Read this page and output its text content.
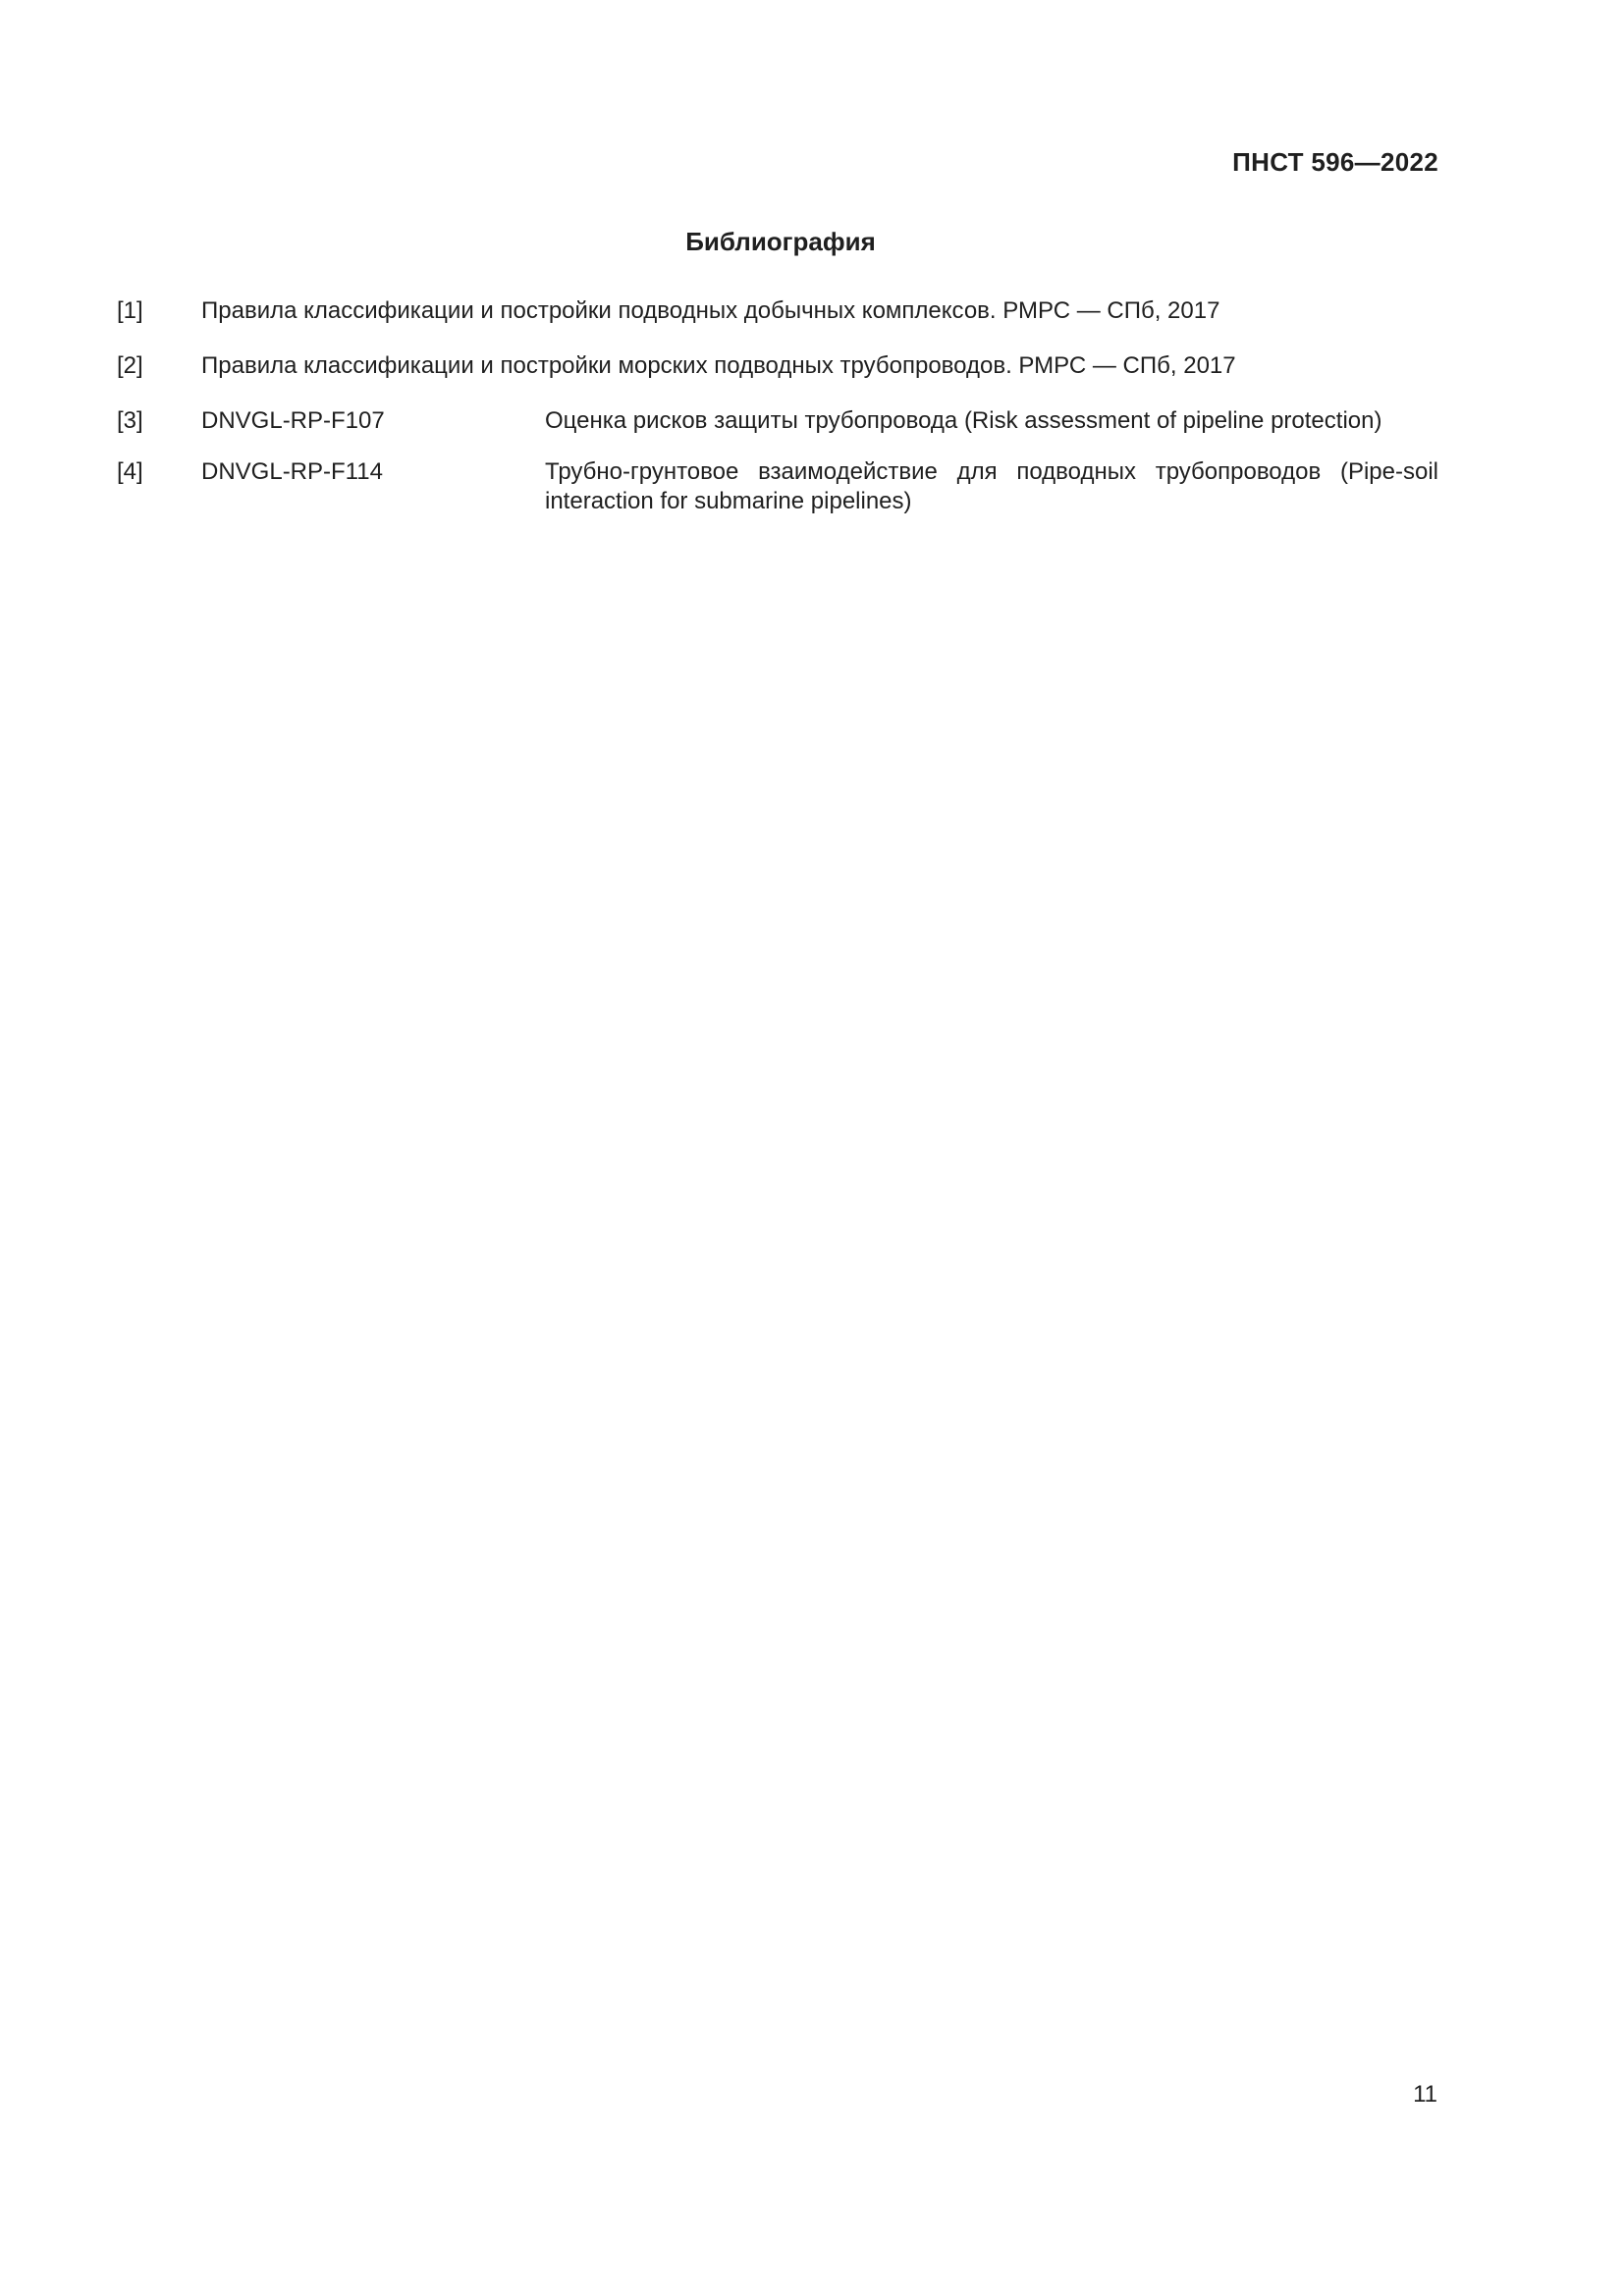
ПНСТ 596—2022
Библиография
[1] Правила классификации и постройки подводных добычных комплексов. РМРС — СПб, 2017
[2] Правила классификации и постройки морских подводных трубопроводов. РМРС — СПб, 2017
[3] DNVGL-RP-F107	Оценка рисков защиты трубопровода (Risk assessment of pipeline protection)
[4] DNVGL-RP-F114	Трубно-грунтовое взаимодействие для подводных трубопроводов (Pipe-soil interaction for submarine pipelines)
11
